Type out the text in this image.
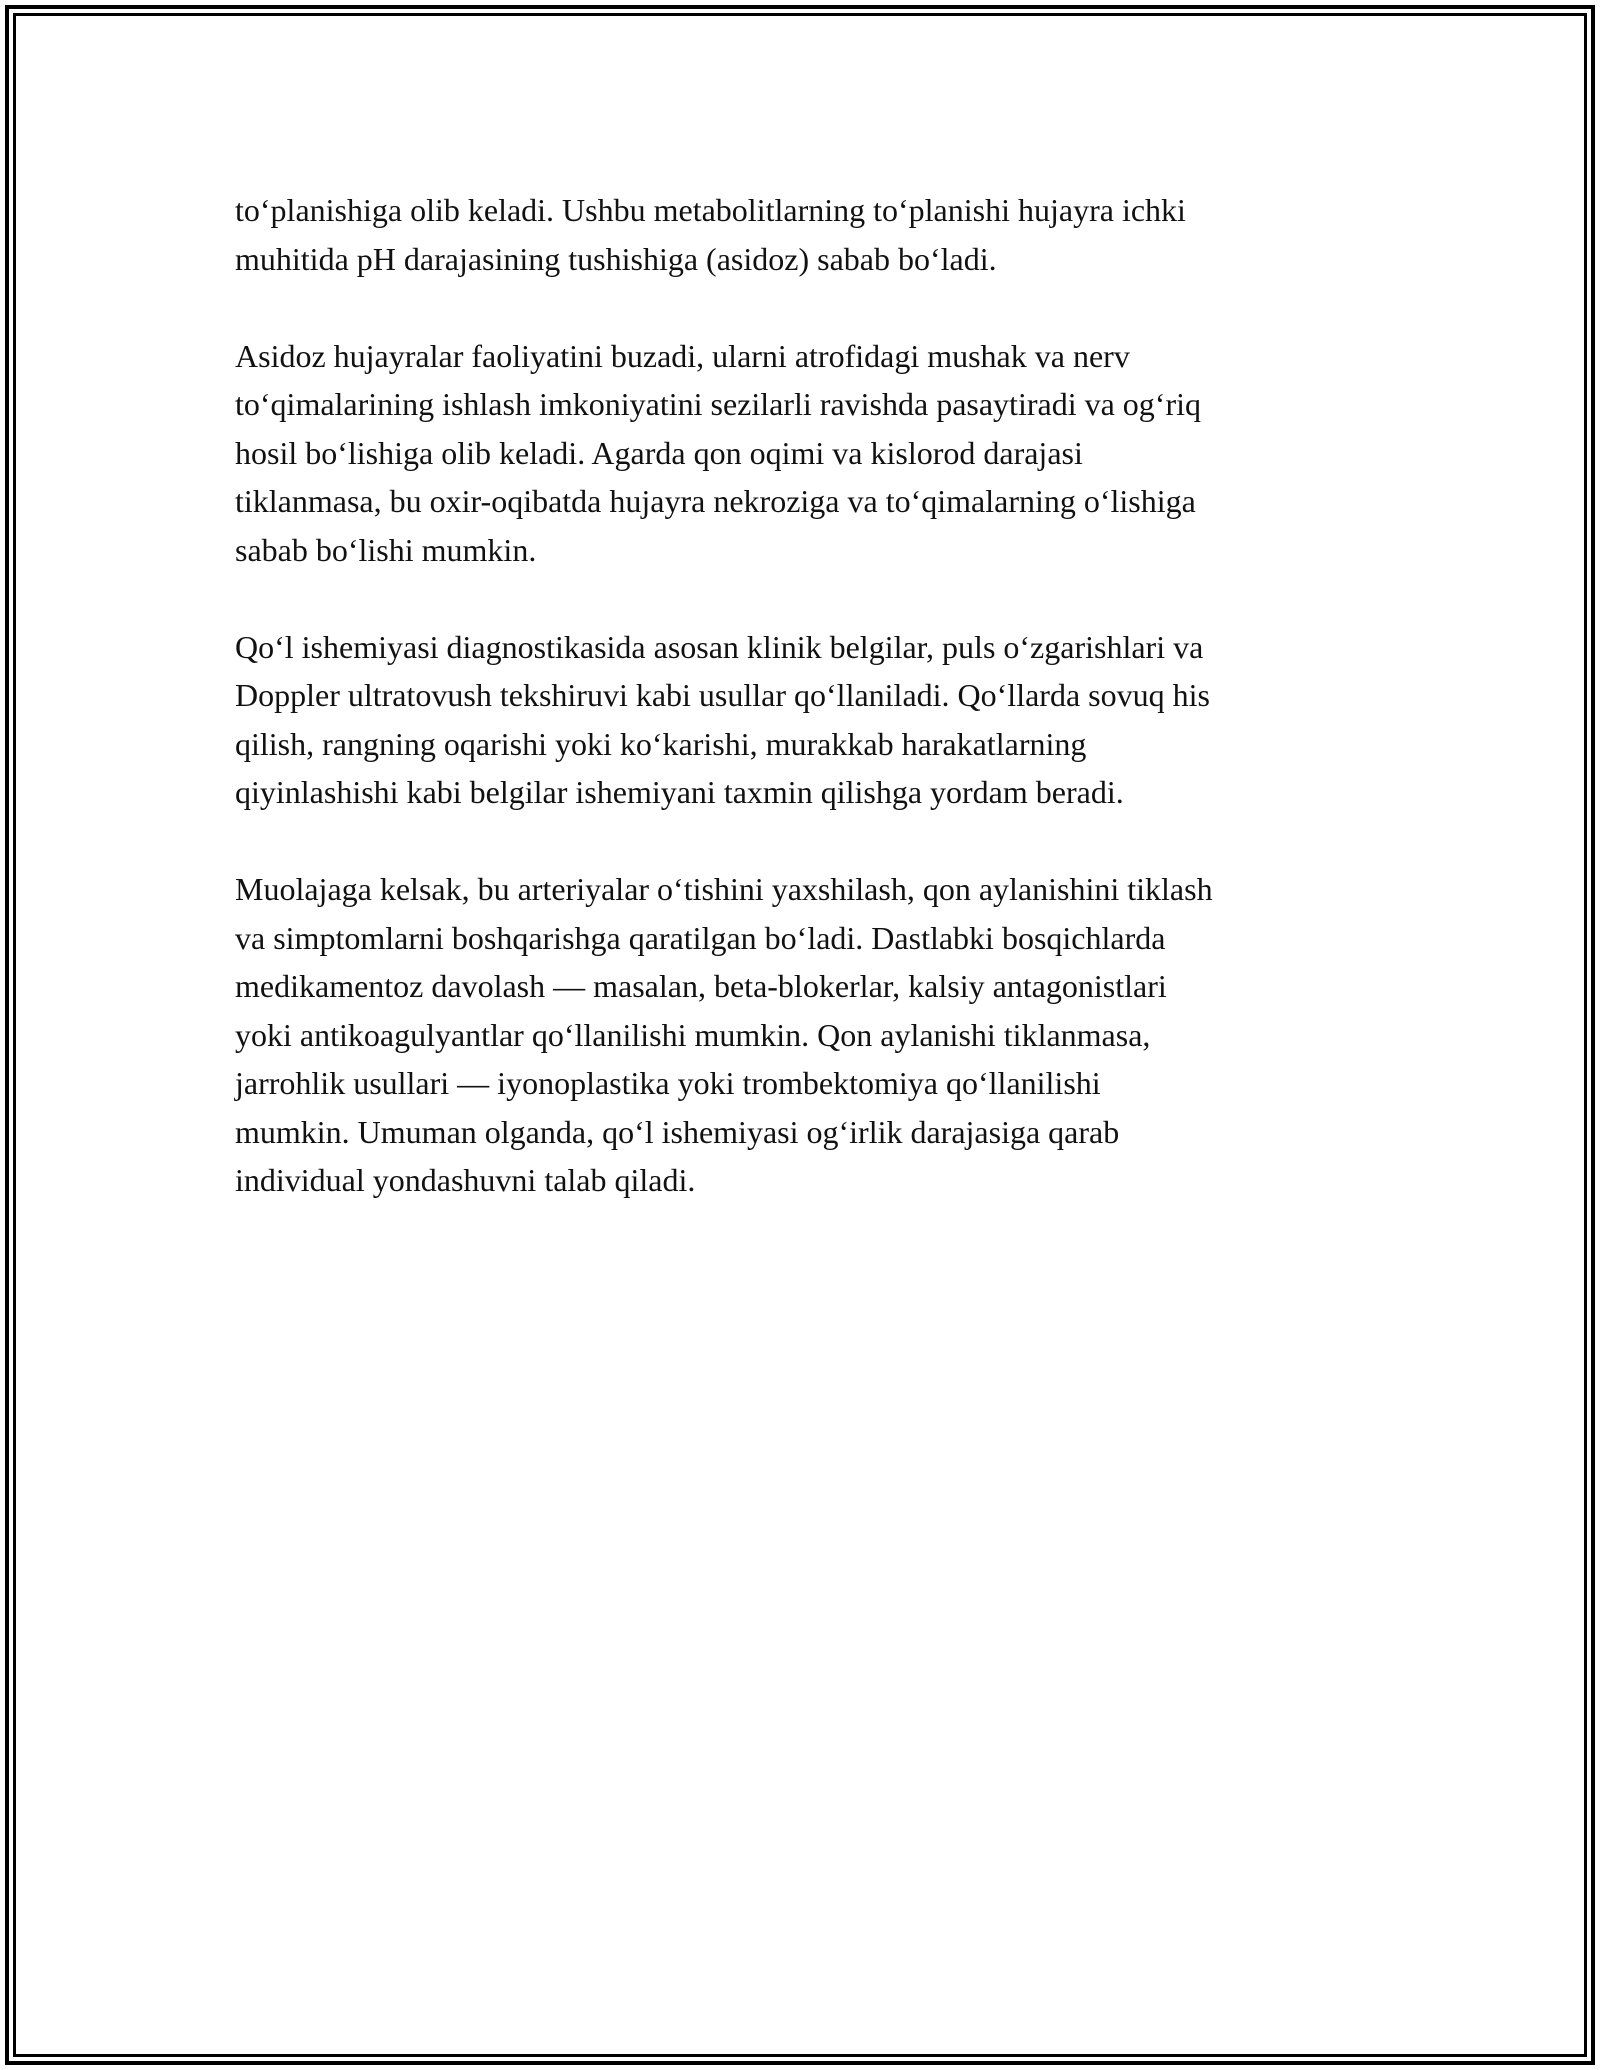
to‘planishiga olib keladi. Ushbu metabolitlarning to‘planishi hujayra ichki
muhitida pH darajasining tushishiga (asidoz) sabab bo‘ladi.

Asidoz hujayralar faoliyatini buzadi, ularni atrofidagi mushak va nerv
to‘qimalarining ishlash imkoniyatini sezilarli ravishda pasaytiradi va og‘riq
hosil bo‘lishiga olib keladi. Agarda qon oqimi va kislorod darajasi
tiklanmasa, bu oxir-oqibatda hujayra nekroziga va to‘qimalarning o‘lishiga
sabab bo‘lishi mumkin.

Qo‘l ishemiyasi diagnostikasida asosan klinik belgilar, puls o‘zgarishlari va
Doppler ultratovush tekshiruvi kabi usullar qo‘llaniladi. Qo‘llarda sovuq his
qilish, rangning oqarishi yoki ko‘karishi, murakkab harakatlarning
qiyinlashishi kabi belgilar ishemiyani taxmin qilishga yordam beradi.

Muolajaga kelsak, bu arteriyalar o‘tishini yaxshilash, qon aylanishini tiklash
va simptomlarni boshqarishga qaratilgan bo‘ladi. Dastlabki bosqichlarda
medikamentoz davolash — masalan, beta-blokerlar, kalsiy antagonistlari
yoki antikoagulyantlar qo‘llanilishi mumkin. Qon aylanishi tiklanmasa,
jarrohlik usullari — iyonoplastika yoki trombektomiya qo‘llanilishi
mumkin. Umuman olganda, qo‘l ishemiyasi og‘irlik darajasiga qarab
individual yondashuvni talab qiladi.
